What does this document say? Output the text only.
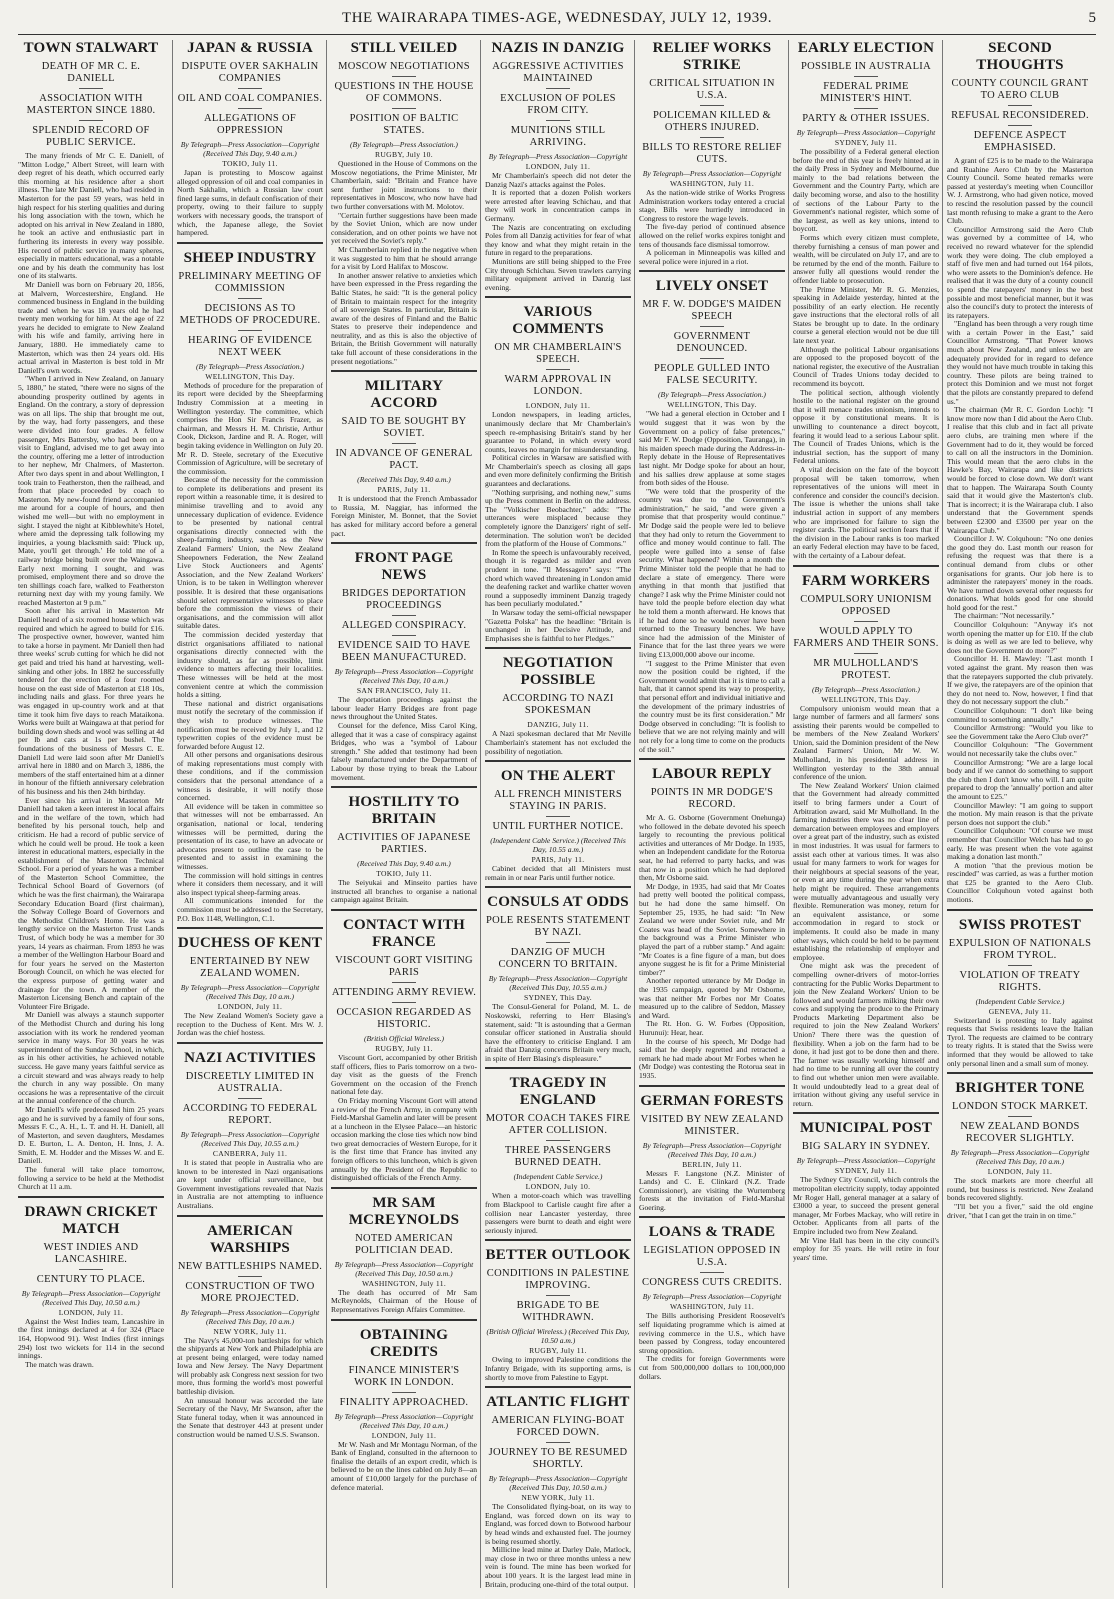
THE WAIRARAPA TIMES-AGE, WEDNESDAY, JULY 12, 1939.	5
TOWN STALWART
DEATH OF MR C. E. DANIELL
ASSOCIATION WITH MASTERTON SINCE 1880.
SPLENDID RECORD OF PUBLIC SERVICE.

The many friends of Mr C. E. Daniell, of "Mitton Lodge," Albert Street, will learn with deep regret of his death, which occurred early this morning at his residence after a short illness. The late Mr Daniell, who had resided in Masterton for the past 59 years, was held in high respect for his sterling qualities and during his long association with the town, which he adopted on his arrival in New Zealand in 1880, he took an active and enthusiastic part in furthering its interests in every way possible. His record of public service in many spheres, especially in matters educational, was a notable one and by his death the community has lost one of its stalwarts.

Mr Daniell was born on February 20, 1856, at Malvern, Worcestershire, England. He commenced business in England in the building trade and when he was 18 years old he had twenty men working for him. At the age of 22 years he decided to emigrate to New Zealand with his wife and family, arriving here in January, 1880. He immediately came to Masterton, which was then 24 years old. His actual arrival in Masterton is best told in Mr Daniell's own words.

"When I arrived in New Zealand, on January 5, 1880," he stated, "there were no signs of the abounding prosperity outlined by agents in England. On the contrary, a story of depression was on all lips. The ship that brought me out, by the way, had forty passengers, and these were divided into four grades. A fellow passenger, Mrs Battersby, who had been on a visit to England, advised me to get away into the country, offering me a letter of introduction to her nephew, Mr Chalmers, of Masterton. After two days spent in and about Wellington, I took train to Featherston, then the railhead, and from that place proceeded by coach to Masterton. My new-found friend accompanied me around for a couple of hours, and then wished me well—but with no employment in sight. I stayed the night at Kibblewhite's Hotel, where amid the depressing talk following my inquiries, a young blacksmith said: 'Pluck up, Mate, you'll get through.' He told me of a railway bridge being built over the Waingawa. Early next morning I sought, and was promised, employment there and so drove the ten shillings coach fare, walked to Featherston returning next day with my young family. We reached Masterton at 9 p.m."

Soon after his arrival in Masterton Mr Daniell heard of a six roomed house which was required and which he agreed to build for £16. The prospective owner, however, wanted him to take a horse in payment. Mr Daniell then had three weeks' scrub cutting for which he did not get paid and tried his hand at harvesting, well-sinking and other jobs. In 1882 he successfully tendered for the erection of a four roomed house on the east side of Masterton at £18 10s, including nails and glass. For three years he was engaged in up-country work and at that time it took him five days to reach Mataikona. Works were built at Waingawa at that period for building down sheds and wool was selling at 4d per lb and cats at 1s per bushel. The foundations of the business of Messrs C. E. Daniell Ltd were laid soon after Mr Daniell's arrival here in 1880 and on March 3, 1886, the members of the staff entertained him at a dinner in honour of the fiftieth anniversary celebration of his business and his then 24th birthday.

Ever since his arrival in Masterton Mr Daniell had taken a keen interest in local affairs and in the welfare of the town, which had benefited by his personal touch, help and criticism. He had a record of public service of which he could well be proud. He took a keen interest in educational matters, especially in the establishment of the Masterton Technical School. For a period of years he was a member of the Masterton School Committee, the Technical School Board of Governors (of which he was the first chairman), the Wairarapa Secondary Education Board (first chairman), the Solway College Board of Governors and the Methodist Children's Home. He was a lengthy service on the Masterton Trust Lands Trust, of which body he was a member for 30 years, 14 years as chairman. From 1893 he was a member of the Wellington Harbour Board and for four years he served on the Masterton Borough Council, on which he was elected for the express purpose of getting water and drainage for the town. A member of the Masterton Licensing Bench and captain of the Volunteer Fire Brigade.

Mr Daniell was always a staunch supporter of the Methodist Church and during his long association with its work he rendered yeoman service in many ways. For 30 years he was superintendent of the Sunday School, in which, as in his other activities, he achieved notable success. He gave many years faithful service as a circuit steward and was always ready to help the church in any way possible. On many occasions he was a representative of the circuit at the annual conference of the church.

Mr Daniell's wife predeceased him 25 years ago and he is survived by a family of four sons, Messrs F. C., A. H., L. T. and H. H. Daniell, all of Masterton, and seven daughters, Mesdames D. E. Burton, L. A. Denton, H. Inns, J. A. Smith, E. M. Hodder and the Misses W. and E. Daniell.

The funeral will take place tomorrow, following a service to be held at the Methodist Church at 11 a.m.

DRAWN CRICKET MATCH
WEST INDIES AND LANCASHIRE.
CENTURY TO PLACE.
By Telegraph—Press Association—Copyright (Received This Day, 10.50 a.m.)
LONDON, July 11.

Against the West Indies team, Lancashire in the first innings declared at 4 for 324 (Place 164, Hopwood 91). West Indies (first innings 294) lost two wickets for 114 in the second innings.

The match was drawn.

JAPAN & RUSSIA
DISPUTE OVER SAKHALIN COMPANIES
OIL AND COAL COMPANIES.
ALLEGATIONS OF OPPRESSION
By Telegraph—Press Association—Copyright (Received This Day, 9.40 a.m.)
TOKIO, July 11.

Japan is protesting to Moscow against alleged oppression of oil and coal companies in North Sakhalin, which a Russian law court fined large sums, in default confiscation of their property, owing to their failure to supply workers with necessary goods, the transport of which, the Japanese allege, the Soviet hampered.

SHEEP INDUSTRY
PRELIMINARY MEETING OF COMMISSION
DECISIONS AS TO METHODS OF PROCEDURE.
HEARING OF EVIDENCE NEXT WEEK
(By Telegraph—Press Association.)
WELLINGTON, This Day.

Methods of procedure for the preparation of its report were decided by the Sheepfarming Industry Commission at a meeting in Wellington yesterday. The committee, which comprises the Hon Sir Francis Frazer, as chairman, and Messrs H. M. Christie, Arthur Cook, Dickson, Jardine and R. A. Roger, will begin taking evidence in Wellington on July 20. Mr R. D. Steele, secretary of the Executive Commission of Agriculture, will be secretary of the commission.

Because of the necessity for the commission to complete its deliberations and present its report within a reasonable time, it is desired to minimise travelling and to avoid any unnecessary duplication of evidence. Evidence to be presented by national central organisations directly connected with the sheep-farming industry, such as the New Zealand Farmers' Union, the New Zealand Sheepowners Federation, the New Zealand Live Stock Auctioneers and Agents' Association, and the New Zealand Workers' Union, is to be taken in Wellington wherever possible. It is desired that these organisations should select representative witnesses to place before the commission the views of their organisations, and the commission will allot suitable dates.

The commission decided yesterday that district organisations affiliated to national organisations directly connected with the industry should, as far as possible, limit evidence to matters affecting their localities. These witnesses will be held at the most convenient centre at which the commission holds a sitting.

These national and district organisations must notify the secretary of the commission if they wish to produce witnesses. The notification must be received by July 1, and 12 typewritten copies of the evidence must be forwarded before August 12.

All other persons and organisations desirous of making representations must comply with these conditions, and if the commission considers that the personal attendance of a witness is desirable, it will notify those concerned.

All evidence will be taken in committee so that witnesses will not be embarrassed. An organisation, national or local, tendering witnesses will be permitted, during the presentation of its case, to have an advocate or advocates present to outline the case to be presented and to assist in examining the witnesses.

The commission will hold sittings in centres where it considers them necessary, and it will also inspect typical sheep-farming areas.

All communications intended for the commission must be addressed to the Secretary, P.O. Box 1148, Wellington, C.1.

DUCHESS OF KENT
ENTERTAINED BY NEW ZEALAND WOMEN.
By Telegraph—Press Association—Copyright (Received This Day, 10 a.m.)
LONDON, July 11.

The New Zealand Women's Society gave a reception to the Duchess of Kent. Mrs W. J. Jordan was the chief hostess.

NAZI ACTIVITIES
DISCREETLY LIMITED IN AUSTRALIA.
ACCORDING TO FEDERAL REPORT.
By Telegraph—Press Association—Copyright (Received This Day, 10.55 a.m.)
CANBERRA, July 11.

It is stated that people in Australia who are known to be interested in Nazi organisations are kept under official surveillance, but Government investigations revealed that Nazis in Australia are not attempting to influence Australians.

AMERICAN WARSHIPS
NEW BATTLESHIPS NAMED.
CONSTRUCTION OF TWO MORE PROJECTED.
By Telegraph—Press Association—Copyright (Received This Day, 10 a.m.)
NEW YORK, July 11.

The Navy's 45,000-ton battleships for which the shipyards at New York and Philadelphia are at present being enlarged, were today named Iowa and New Jersey. The Navy Department will probably ask Congress next session for two more, thus forming the world's most powerful battleship division.

An unusual honour was accorded the late Secretary of the Navy, Mr Swanson, after the State funeral today, when it was announced in the Senate that destroyer 443 at present under construction would be named U.S.S. Swanson.

STILL VEILED
MOSCOW NEGOTIATIONS
QUESTIONS IN THE HOUSE OF COMMONS.
POSITION OF BALTIC STATES.
(By Telegraph—Press Association.)
RUGBY, July 10.

Questioned in the House of Commons on the Moscow negotiations, the Prime Minister, Mr Chamberlain, said: "Britain and France have sent further joint instructions to their representatives in Moscow, who now have had two further conversations with M. Molotov.

"Certain further suggestions have been made by the Soviet Union, which are now under consideration, and on other points we have not yet received the Soviet's reply."

Mr Chamberlain replied in the negative when it was suggested to him that he should arrange for a visit by Lord Halifax to Moscow.

In another answer relative to anxieties which have been expressed in the Press regarding the Baltic States, he said: "It is the general policy of Britain to maintain respect for the integrity of all sovereign States. In particular, Britain is aware of the desires of Finland and the Baltic States to preserve their independence and neutrality, and as this is also the objective of Britain, the British Government will naturally take full account of these considerations in the present negotiations."

MILITARY ACCORD
SAID TO BE SOUGHT BY SOVIET.
IN ADVANCE OF GENERAL PACT.
(Received This Day, 9.40 a.m.)
PARIS, July 11.

It is understood that the French Ambassador to Russia, M. Naggiar, has informed the Foreign Minister, M. Bonnet, that the Soviet has asked for military accord before a general pact.

FRONT PAGE NEWS
BRIDGES DEPORTATION PROCEEDINGS
ALLEGED CONSPIRACY.
EVIDENCE SAID TO HAVE BEEN MANUFACTURED.
By Telegraph—Press Association—Copyright (Received This Day, 10 a.m.)
SAN FRANCISCO, July 11.

The deportation proceedings against the labour leader Harry Bridges are front page news throughout the United States.

Counsel for the defence, Miss Carol King, alleged that it was a case of conspiracy against Bridges, who was a "symbol of Labour strength." She added that testimony had been falsely manufactured under the Department of Labour by those trying to break the Labour movement.

HOSTILITY TO BRITAIN
ACTIVITIES OF JAPANESE PARTIES.
(Received This Day, 9.40 a.m.)
TOKIO, July 11.

The Seiyukai and Minseito parties have instructed all branches to organise a national campaign against Britain.

CONTACT WITH FRANCE
VISCOUNT GORT VISITING PARIS
ATTENDING ARMY REVIEW.
OCCASION REGARDED AS HISTORIC.
(British Official Wireless.)
RUGBY, July 11.

Viscount Gort, accompanied by other British staff officers, flies to Paris tomorrow on a two-day visit as the guests of the French Government on the occasion of the French national fete day.

On Friday morning Viscount Gort will attend a review of the French Army, in company with Field-Marshal Gamelin and later will be present at a luncheon in the Elysee Palace—an historic occasion marking the close ties which now bind two great democracies of Western Europe, for it is the first time that France has invited any foreign officers to this luncheon, which is given annually by the President of the Republic to distinguished officials of the French Army.

MR SAM MCREYNOLDS
NOTED AMERICAN POLITICIAN DEAD.
By Telegraph—Press Association—Copyright (Received This Day, 10.50 a.m.)
WASHINGTON, July 11.

The death has occurred of Mr Sam McReynolds, Chairman of the House of Representatives Foreign Affairs Committee.

OBTAINING CREDITS
FINANCE MINISTER'S WORK IN LONDON.
FINALITY APPROACHED.
By Telegraph—Press Association—Copyright (Received This Day, 10 a.m.)
LONDON, July 11.

Mr W. Nash and Mr Montagu Norman, of the Bank of England, consulted in the afternoon to finalise the details of an export credit, which is believed to be on the lines cabled on July 8—an amount of £10,000 largely for the purchase of defence material.

NAZIS IN DANZIG
AGGRESSIVE ACTIVITIES MAINTAINED
EXCLUSION OF POLES FROM CITY.
MUNITIONS STILL ARRIVING.
By Telegraph—Press Association—Copyright
LONDON, July 11.

Mr Chamberlain's speech did not deter the Danzig Nazi's attacks against the Poles.

It is reported that a dozen Polish workers were arrested after leaving Schichau, and that they will work in concentration camps in Germany.

The Nazis are concentrating on excluding Poles from all Danzig activities for fear of what they know and what they might retain in the future in regard to the preparations.

Munitions are still being shipped to the Free City through Schichau. Seven trawlers carrying military equipment arrived in Danzig last evening.

VARIOUS COMMENTS
ON MR CHAMBERLAIN'S SPEECH.
WARM APPROVAL IN LONDON.
LONDON, July 11.

London newspapers, in leading articles, unanimously declare that Mr Chamberlain's speech re-emphasising Britain's stand by her guarantee to Poland, in which every word counts, leaves no margin for misunderstanding.

Political circles in Warsaw are satisfied with Mr Chamberlain's speech as closing all gaps and even more definitely confirming the British guarantees and declarations.

"Nothing surprising, and nothing new," sums up the Press comment in Berlin on the address. The "Volkischer Beobachter," adds: "The utterances were misplaced because they completely ignore the Danzigers' right of self-determination. The solution won't be decided from the platform of the House of Commons."

In Rome the speech is unfavourably received, though it is regarded as milder and even prudent in tone. "Il Messagero" says: "The chord which waved threatening in London amid the deafening racket and warlike chatter woven round a supposedly imminent Danzig tragedy has been peculiarly modulated."

In Warsaw today the semi-official newspaper "Gazetta Polska" has the headline: "Britain is unchanged in her Decisive Attitude, and Emphasises she is faithful to her Pledges."

NEGOTIATION POSSIBLE
ACCORDING TO NAZI SPOKESMAN
DANZIG, July 11.

A Nazi spokesman declared that Mr Neville Chamberlain's statement has not excluded the possibility of negotiation.

ON THE ALERT
ALL FRENCH MINISTERS STAYING IN PARIS.
UNTIL FURTHER NOTICE.
(Independent Cable Service.) (Received This Day, 10.55 a.m.)
PARIS, July 11.

Cabinet decided that all Ministers must remain in or near Paris until further notice.

CONSULS AT ODDS
POLE RESENTS STATEMENT BY NAZI.
DANZIG OF MUCH CONCERN TO BRITAIN.
By Telegraph—Press Association—Copyright (Received This Day, 10.55 a.m.)
SYDNEY, This Day.

The Consul-General for Poland, M. L. de Noskowski, referring to Herr Blasing's statement, said: "It is astounding that a German consular officer stationed in Australia should have the effrontery to criticise England. I am afraid that Danzig concerns Britain very much, in spite of Herr Blasing's displeasure."

TRAGEDY IN ENGLAND
MOTOR COACH TAKES FIRE AFTER COLLISION.
THREE PASSENGERS BURNED DEATH.
(Independent Cable Service.)
LONDON, July 10.

When a motor-coach which was travelling from Blackpool to Carlisle caught fire after a collision near Lancaster yesterday, three passengers were burnt to death and eight were seriously injured.

BETTER OUTLOOK
CONDITIONS IN PALESTINE IMPROVING.
BRIGADE TO BE WITHDRAWN.
(British Official Wireless.) (Received This Day, 10.50 a.m.)
RUGBY, July 11.

Owing to improved Palestine conditions the Infantry Brigade, with its supporting arms, is shortly to move from Palestine to Egypt.

ATLANTIC FLIGHT
AMERICAN FLYING-BOAT FORCED DOWN.
JOURNEY TO BE RESUMED SHORTLY.
By Telegraph—Press Association—Copyright (Received This Day, 10.50 a.m.)
NEW YORK, July 11.

The Consolidated flying-boat, on its way to England, was forced down on its way to England, was forced down to Botwood harbour by head winds and exhausted fuel. The journey is being resumed shortly.

Millicine lead mine at Darley Dale, Matlock, may close in two or three months unless a new vein is found. The mine has been worked for about 100 years. It is the largest lead mine in Britain, producing one-third of the total output.

RELIEF WORKS STRIKE
CRITICAL SITUATION IN U.S.A.
POLICEMAN KILLED & OTHERS INJURED.
BILLS TO RESTORE RELIEF CUTS.
By Telegraph—Press Association—Copyright
WASHINGTON, July 11.

As the nation-wide strike of Works Progress Administration workers today entered a crucial stage, Bills were hurriedly introduced in Congress to restore the wage levels.

The five-day period of continued absence allowed on the relief works expires tonight and tens of thousands face dismissal tomorrow.

A policeman in Minneapolis was killed and several police were injured in a riot.

LIVELY ONSET
MR F. W. DODGE'S MAIDEN SPEECH
GOVERNMENT DENOUNCED.
PEOPLE GULLED INTO FALSE SECURITY.
(By Telegraph—Press Association.)
WELLINGTON, This Day.

"We had a general election in October and I would suggest that it was won by the Government on a policy of false pretences," said Mr F. W. Dodge (Opposition, Tauranga), in his maiden speech made during the Address-in-Reply debate in the House of Representatives last night. Mr Dodge spoke for about an hour, and his sallies drew applause at some stages from both sides of the House.

"We were told that the prosperity of the country was due to the Government's administration," he said, "and were given a promise that that prosperity would continue." Mr Dodge said the people were led to believe that they had only to return the Government to office and money would continue to fall. The people were gulled into a sense of false security. What happened? Within a month the Prime Minister told the people that he had to declare a state of emergency. There were anything in that month that justified that change? I ask why the Prime Minister could not have told the people before election day what he told them a month afterward. He knows that if he had done so he would never have been returned to the Treasury benches. We have since had the admission of the Minister of Finance that for the last three years we were living £13,000,000 above our income.

"I suggest to the Prime Minister that even now the position could be righted, if the Government would admit that it is time to call a halt, that it cannot spend its way to prosperity, that personal effort and individual initiative and the development of the primary industries of the country must be its first consideration." Mr Dodge observed in concluding: "It is foolish to believe that we are not relying mainly and will not rely for a long time to come on the products of the soil."

LABOUR REPLY
POINTS IN MR DODGE'S RECORD.

Mr A. G. Osborne (Government Onehunga) who followed in the debate devoted his speech largely to recounting the previous political activities and utterances of Mr Dodge. In 1935, when an Independent candidate for the Rotorua seat, he had referred to party hacks, and was that now in a position which he had deplored then, Mr Osborne said.

Mr Dodge, in 1935, had said that Mr Coates had pretty well booted the political compass, but he had done the same himself. On September 25, 1935, he had said: "In New Zealand we were under Soviet rule, and Mr Coates was head of the Soviet. Somewhere in the background was a Prime Minister who played the part of a rubber stamp." And again: "Mr Coates is a fine figure of a man, but does anyone suggest he is fit for a Prime Ministerial timber?"

Another reported utterance by Mr Dodge in the 1935 campaign, quoted by Mr Osborne, was that neither Mr Forbes nor Mr Coates measured up to the calibre of Seddon, Massey and Ward.

The Rt. Hon. G. W. Forbes (Opposition, Hurunui): Hear, hear.

In the course of his speech, Mr Dodge had said that he deeply regretted and retracted a remark he had made about Mr Forbes when he (Mr Dodge) was contesting the Rotorua seat in 1935.

GERMAN FORESTS
VISITED BY NEW ZEALAND MINISTER.
By Telegraph—Press Association—Copyright (Received This Day, 10 a.m.)
BERLIN, July 11.

Messrs F. Langstone (N.Z. Minister of Lands) and C. E. Clinkard (N.Z. Trade Commissioner), are visiting the Wurtemberg forests at the invitation of Field-Marshal Goering.

LOANS & TRADE
LEGISLATION OPPOSED IN U.S.A.
CONGRESS CUTS CREDITS.
By Telegraph—Press Association—Copyright
WASHINGTON, July 11.

The Bills authorising President Roosevelt's self liquidating programme which is aimed at reviving commerce in the U.S., which have been passed by Congress, today encountered strong opposition.

The credits for foreign Governments were cut from 500,000,000 dollars to 100,000,000 dollars.

EARLY ELECTION
POSSIBLE IN AUSTRALIA
FEDERAL PRIME MINISTER'S HINT.
PARTY & OTHER ISSUES.
By Telegraph—Press Association—Copyright
SYDNEY, July 11.

The possibility of a Federal general election before the end of this year is freely hinted at in the daily Press in Sydney and Melbourne, due mainly to the bad relations between the Government and the Country Party, which are daily becoming worse, and also to the hostility of sections of the Labour Party to the Government's national register, which some of the largest, as well as key unions, intend to boycott.

Forms which every citizen must complete, thereby furnishing a census of man power and wealth, will be circulated on July 17, and are to be returned by the end of the month. Failure to answer fully all questions would render the offender liable to prosecution.

The Prime Minister, Mr R. G. Menzies, speaking in Adelaide yesterday, hinted at the possibility of an early election. He recently gave instructions that the electoral rolls of all States be brought up to date. In the ordinary course a general election would not be due till late next year.

Although the political Labour organisations are opposed to the proposed boycott of the national register, the executive of the Australian Council of Trades Unions today decided to recommend its boycott.

The political section, although violently hostile to the national register on the ground that it will menace trades unionism, intends to oppose it by constitutional means. It is unwilling to countenance a direct boycott, fearing it would lead to a serious Labour split. The Council of Trades Unions, which is the industrial section, has the support of many Federal unions.

A vital decision on the fate of the boycott proposal will be taken tomorrow, when representatives of the unions will meet in conference and consider the council's decision. The issue is whether the unions shall take industrial action in support of any members who are imprisoned for failure to sign the register cards. The political section fears that if the division in the Labour ranks is too marked an early Federal election may have to be faced, with the certainty of a Labour defeat.

FARM WORKERS
COMPULSORY UNIONISM OPPOSED
WOULD APPLY TO FARMERS AND THEIR SONS.
MR MULHOLLAND'S PROTEST.
(By Telegraph—Press Association.)
WELLINGTON, This Day.

Compulsory unionism would mean that a large number of farmers and all farmers' sons assisting their parents would be compelled to be members of the New Zealand Workers' Union, said the Dominion president of the New Zealand Farmers' Union, Mr W. W. Mulholland, in his presidential address in Wellington yesterday to the 38th annual conference of the union.

The New Zealand Workers' Union claimed that the Government had already committed itself to bring farmers under a Court of Arbitration award, said Mr Mulholland. In the farming industries there was no clear line of demarcation between employees and employers over a great part of the industry, such as existed in most industries. It was usual for farmers to assist each other at various times. It was also usual for many farmers to work for wages for their neighbours at special seasons of the year, or even at any time during the year when extra help might be required. These arrangements were mutually advantageous and usually very flexible. Remuneration was money, return for an equivalent assistance, or some accommodation in regard to stock or implements. It could also be made in many other ways, which could be held to be payment establishing the relationship of employer and employee.

One might ask was the precedent of compelling owner-drivers of motor-lorries contracting for the Public Works Department to join the New Zealand Workers' Union to be followed and would farmers milking their own cows and supplying the produce to the Primary Products Marketing Department also be required to join the New Zealand Workers' Union? There there was the question of flexibility. When a job on the farm had to be done, it had just got to be done then and there. The farmer was usually working himself and had no time to be running all over the country to find out whether union men were available. It would undoubtedly lead to a great deal of irritation without giving any useful service in return.

MUNICIPAL POST
BIG SALARY IN SYDNEY.
By Telegraph—Press Association—Copyright
SYDNEY, July 11.

The Sydney City Council, which controls the metropolitan electricity supply, today appointed Mr Roger Hall, general manager at a salary of £3000 a year, to succeed the present general manager, Mr Forbes Mackay, who will retire in October. Applicants from all parts of the Empire included two from New Zealand.

Mr Vine Hall has been in the city council's employ for 35 years. He will retire in four years' time.

SECOND THOUGHTS
COUNTY COUNCIL GRANT TO AERO CLUB
REFUSAL RECONSIDERED.
DEFENCE ASPECT EMPHASISED.

A grant of £25 is to be made to the Wairarapa and Ruahine Aero Club by the Masterton County Council. Some heated remarks were passed at yesterday's meeting when Councillor W. J. Armstrong, who had given notice, moved to rescind the resolution passed by the council last month refusing to make a grant to the Aero Club.

Councillor Armstrong said the Aero Club was governed by a committee of 14, who received no reward whatever for the splendid work they were doing. The club employed a staff of five men and had turned out 164 pilots, who were assets to the Dominion's defence. He realised that it was the duty of a county council to spend the ratepayers' money in the best possible and most beneficial manner, but it was also the council's duty to protect the interests of its ratepayers.

"England has been through a very rough time with a certain Power in the East," said Councillor Armstrong. "That Power knows much about New Zealand, and unless we are adequately provided for in regard to defence they would not have much trouble in taking this country. These pilots are being trained to protect this Dominion and we must not forget that the pilots are constantly prepared to defend us."

The chairman (Mr R. C. Gordon Loch): "I know more now than I did about the Aero Club. I realise that this club and in fact all private aero clubs, are training men where if the Government had to do it, they would be forced to call on all the instructors in the Dominion. This would mean that the aero clubs in the Hawke's Bay, Wairarapa and like districts would be forced to close down. We don't want that to happen. The Wairarapa South County said that it would give the Masterton's club. That is incorrect; it is the Wairarapa club. I also understand that the Government spends between £2300 and £3500 per year on the Wairarapa Club."

Councillor J. W. Colquhoun: "No one denies the good they do. Last month our reason for refusing the request was that there is a continual demand from clubs or other organisations for grants. Our job here is to administer the ratepayers' money in the roads. We have turned down several other requests for donations. What holds good for one should hold good for the rest."

The chairman: "Not necessarily."

Councillor Colquhoun: "Anyway it's not worth opening the matter up for £10. If the club is doing as well as we are led to believe, why does not the Government do more?"

Councillor H. H. Mawley: "Last month I voted against the grant. My reason then was that the ratepayers supported the club privately. If we give, the ratepayers are of the opinion that they do not need to. Now, however, I find that they do not necessary support the club."

Councillor Colquhoun: "I don't like being committed to something annually."

Councillor Armstrong: "Would you like to see the Government take the Aero Club over?"

Councillor Colquhoun: "The Government would not necessarily take the clubs over."

Councillor Armstrong: "We are a large local body and if we cannot do something to support the club then I don't know who will. I am quite prepared to drop the 'annually' portion and alter the amount to £25."

Councillor Mawley: "I am going to support the motion. My main reason is that the private person does not support the club."

Councillor Colquhoun: "Of course we must remember that Councillor Welch has had to go early. He was present when the vote against making a donation last month."

A motion "that the previous motion be rescinded" was carried, as was a further motion that £25 be granted to the Aero Club. Councillor Colquhoun voted against both motions.

SWISS PROTEST
EXPULSION OF NATIONALS FROM TYROL.
VIOLATION OF TREATY RIGHTS.
(Independent Cable Service.)
GENEVA, July 11.

Switzerland is protesting to Italy against requests that Swiss residents leave the Italian Tyrol. The requests are claimed to be contrary to treaty rights. It is stated that the Swiss were informed that they would be allowed to take only personal linen and a small sum of money.

BRIGHTER TONE
LONDON STOCK MARKET.
NEW ZEALAND BONDS RECOVER SLIGHTLY.
By Telegraph—Press Association—Copyright (Received This Day, 10 a.m.)
LONDON, July 11.

The stock markets are more cheerful all round, but business is restricted. New Zealand bonds recovered slightly.

"I'll bet you a fiver," said the old engine driver, "that I can get the train in on time."
